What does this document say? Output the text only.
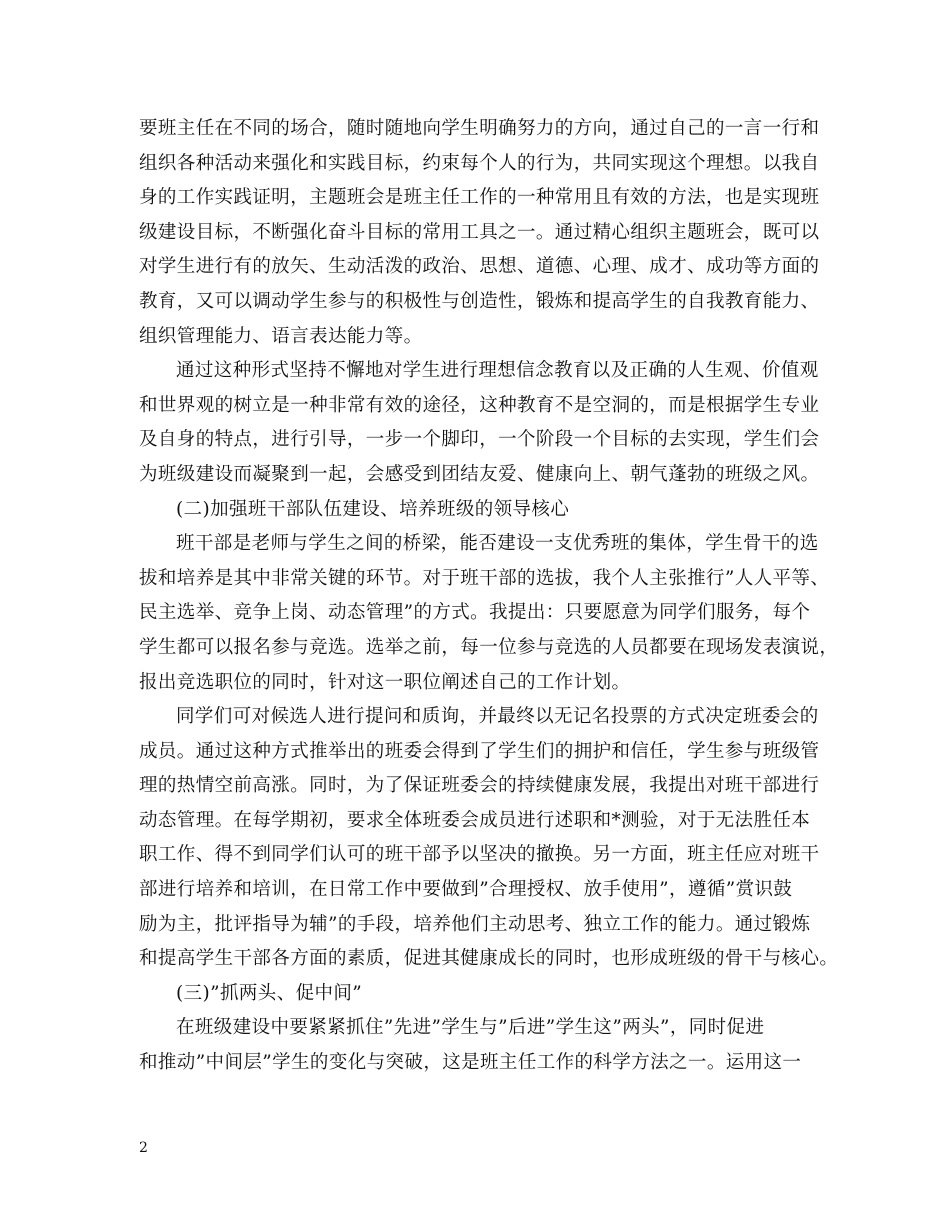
要班主任在不同的场合，随时随地向学生明确努力的方向，通过自己的一言一行和
组织各种活动来强化和实践目标，约束每个人的行为，共同实现这个理想。以我自
身的工作实践证明，主题班会是班主任工作的一种常用且有效的方法，也是实现班
级建设目标，不断强化奋斗目标的常用工具之一。通过精心组织主题班会，既可以
对学生进行有的放矢、生动活泼的政治、思想、道德、心理、成才、成功等方面的
教育，又可以调动学生参与的积极性与创造性，锻炼和提高学生的自我教育能力、
组织管理能力、语言表达能力等。
通过这种形式坚持不懈地对学生进行理想信念教育以及正确的人生观、价值观
和世界观的树立是一种非常有效的途径，这种教育不是空洞的，而是根据学生专业
及自身的特点，进行引导，一步一个脚印，一个阶段一个目标的去实现，学生们会
为班级建设而凝聚到一起，会感受到团结友爱、健康向上、朝气蓬勃的班级之风。
(二)加强班干部队伍建设、培养班级的领导核心
班干部是老师与学生之间的桥梁，能否建设一支优秀班的集体，学生骨干的选
拔和培养是其中非常关键的环节。对于班干部的选拔，我个人主张推行”人人平等、
民主选举、竞争上岗、动态管理”的方式。我提出：只要愿意为同学们服务，每个
学生都可以报名参与竞选。选举之前，每一位参与竞选的人员都要在现场发表演说，
报出竞选职位的同时，针对这一职位阐述自己的工作计划。
同学们可对候选人进行提问和质询，并最终以无记名投票的方式决定班委会的
成员。通过这种方式推举出的班委会得到了学生们的拥护和信任，学生参与班级管
理的热情空前高涨。同时，为了保证班委会的持续健康发展，我提出对班干部进行
动态管理。在每学期初，要求全体班委会成员进行述职和*测验，对于无法胜任本
职工作、得不到同学们认可的班干部予以坚决的撤换。另一方面，班主任应对班干
部进行培养和培训，在日常工作中要做到”合理授权、放手使用”，遵循”赏识鼓
励为主，批评指导为辅”的手段，培养他们主动思考、独立工作的能力。通过锻炼
和提高学生干部各方面的素质，促进其健康成长的同时，也形成班级的骨干与核心。
(三)”抓两头、促中间”
在班级建设中要紧紧抓住”先进”学生与”后进”学生这”两头”，同时促进
和推动”中间层”学生的变化与突破，这是班主任工作的科学方法之一。运用这一
2
